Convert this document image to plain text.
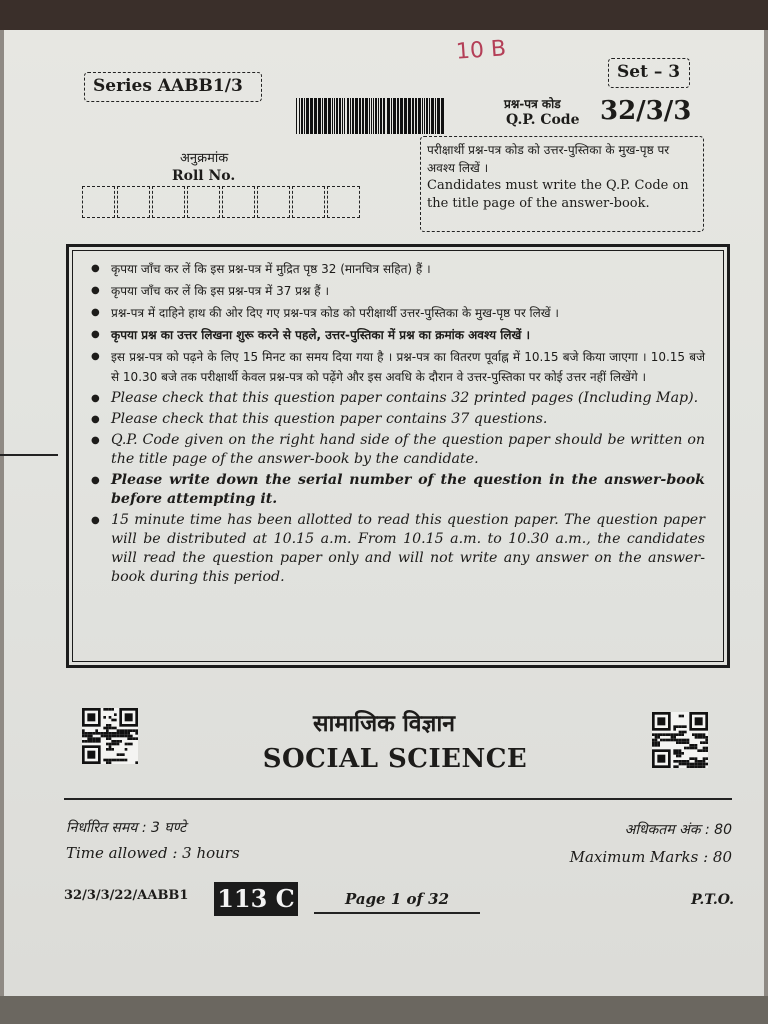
10 B
Series AABB1/3
Set – 3
प्रश्न-पत्र कोड
Q.P. Code 32/3/3
अनुक्रमांक
Roll No.
परीक्षार्थी प्रश्न-पत्र कोड को उत्तर-पुस्तिका के मुख-पृष्ठ पर अवश्य लिखें ।
Candidates must write the Q.P. Code on the title page of the answer-book.
● कृपया जाँच कर लें कि इस प्रश्न-पत्र में मुद्रित पृष्ठ 32 (मानचित्र सहित) हैं ।
● कृपया जाँच कर लें कि इस प्रश्न-पत्र में 37 प्रश्न हैं ।
● प्रश्न-पत्र में दाहिने हाथ की ओर दिए गए प्रश्न-पत्र कोड को परीक्षार्थी उत्तर-पुस्तिका के मुख-पृष्ठ पर लिखें ।
● कृपया प्रश्न का उत्तर लिखना शुरू करने से पहले, उत्तर-पुस्तिका में प्रश्न का क्रमांक अवश्य लिखें ।
● इस प्रश्न-पत्र को पढ़ने के लिए 15 मिनट का समय दिया गया है । प्रश्न-पत्र का वितरण पूर्वाह्न में 10.15 बजे किया जाएगा । 10.15 बजे से 10.30 बजे तक परीक्षार्थी केवल प्रश्न-पत्र को पढ़ेंगे और इस अवधि के दौरान वे उत्तर-पुस्तिका पर कोई उत्तर नहीं लिखेंगे ।
● Please check that this question paper contains 32 printed pages (Including Map).
● Please check that this question paper contains 37 questions.
● Q.P. Code given on the right hand side of the question paper should be written on the title page of the answer-book by the candidate.
● Please write down the serial number of the question in the answer-book before attempting it.
● 15 minute time has been allotted to read this question paper. The question paper will be distributed at 10.15 a.m. From 10.15 a.m. to 10.30 a.m., the candidates will read the question paper only and will not write any answer on the answer-book during this period.
सामाजिक विज्ञान
SOCIAL SCIENCE
निर्धारित समय : 3 घण्टे
Time allowed : 3 hours
अधिकतम अंक : 80
Maximum Marks : 80
32/3/3/22/AABB1 113 C	Page 1 of 32	P.T.O.
